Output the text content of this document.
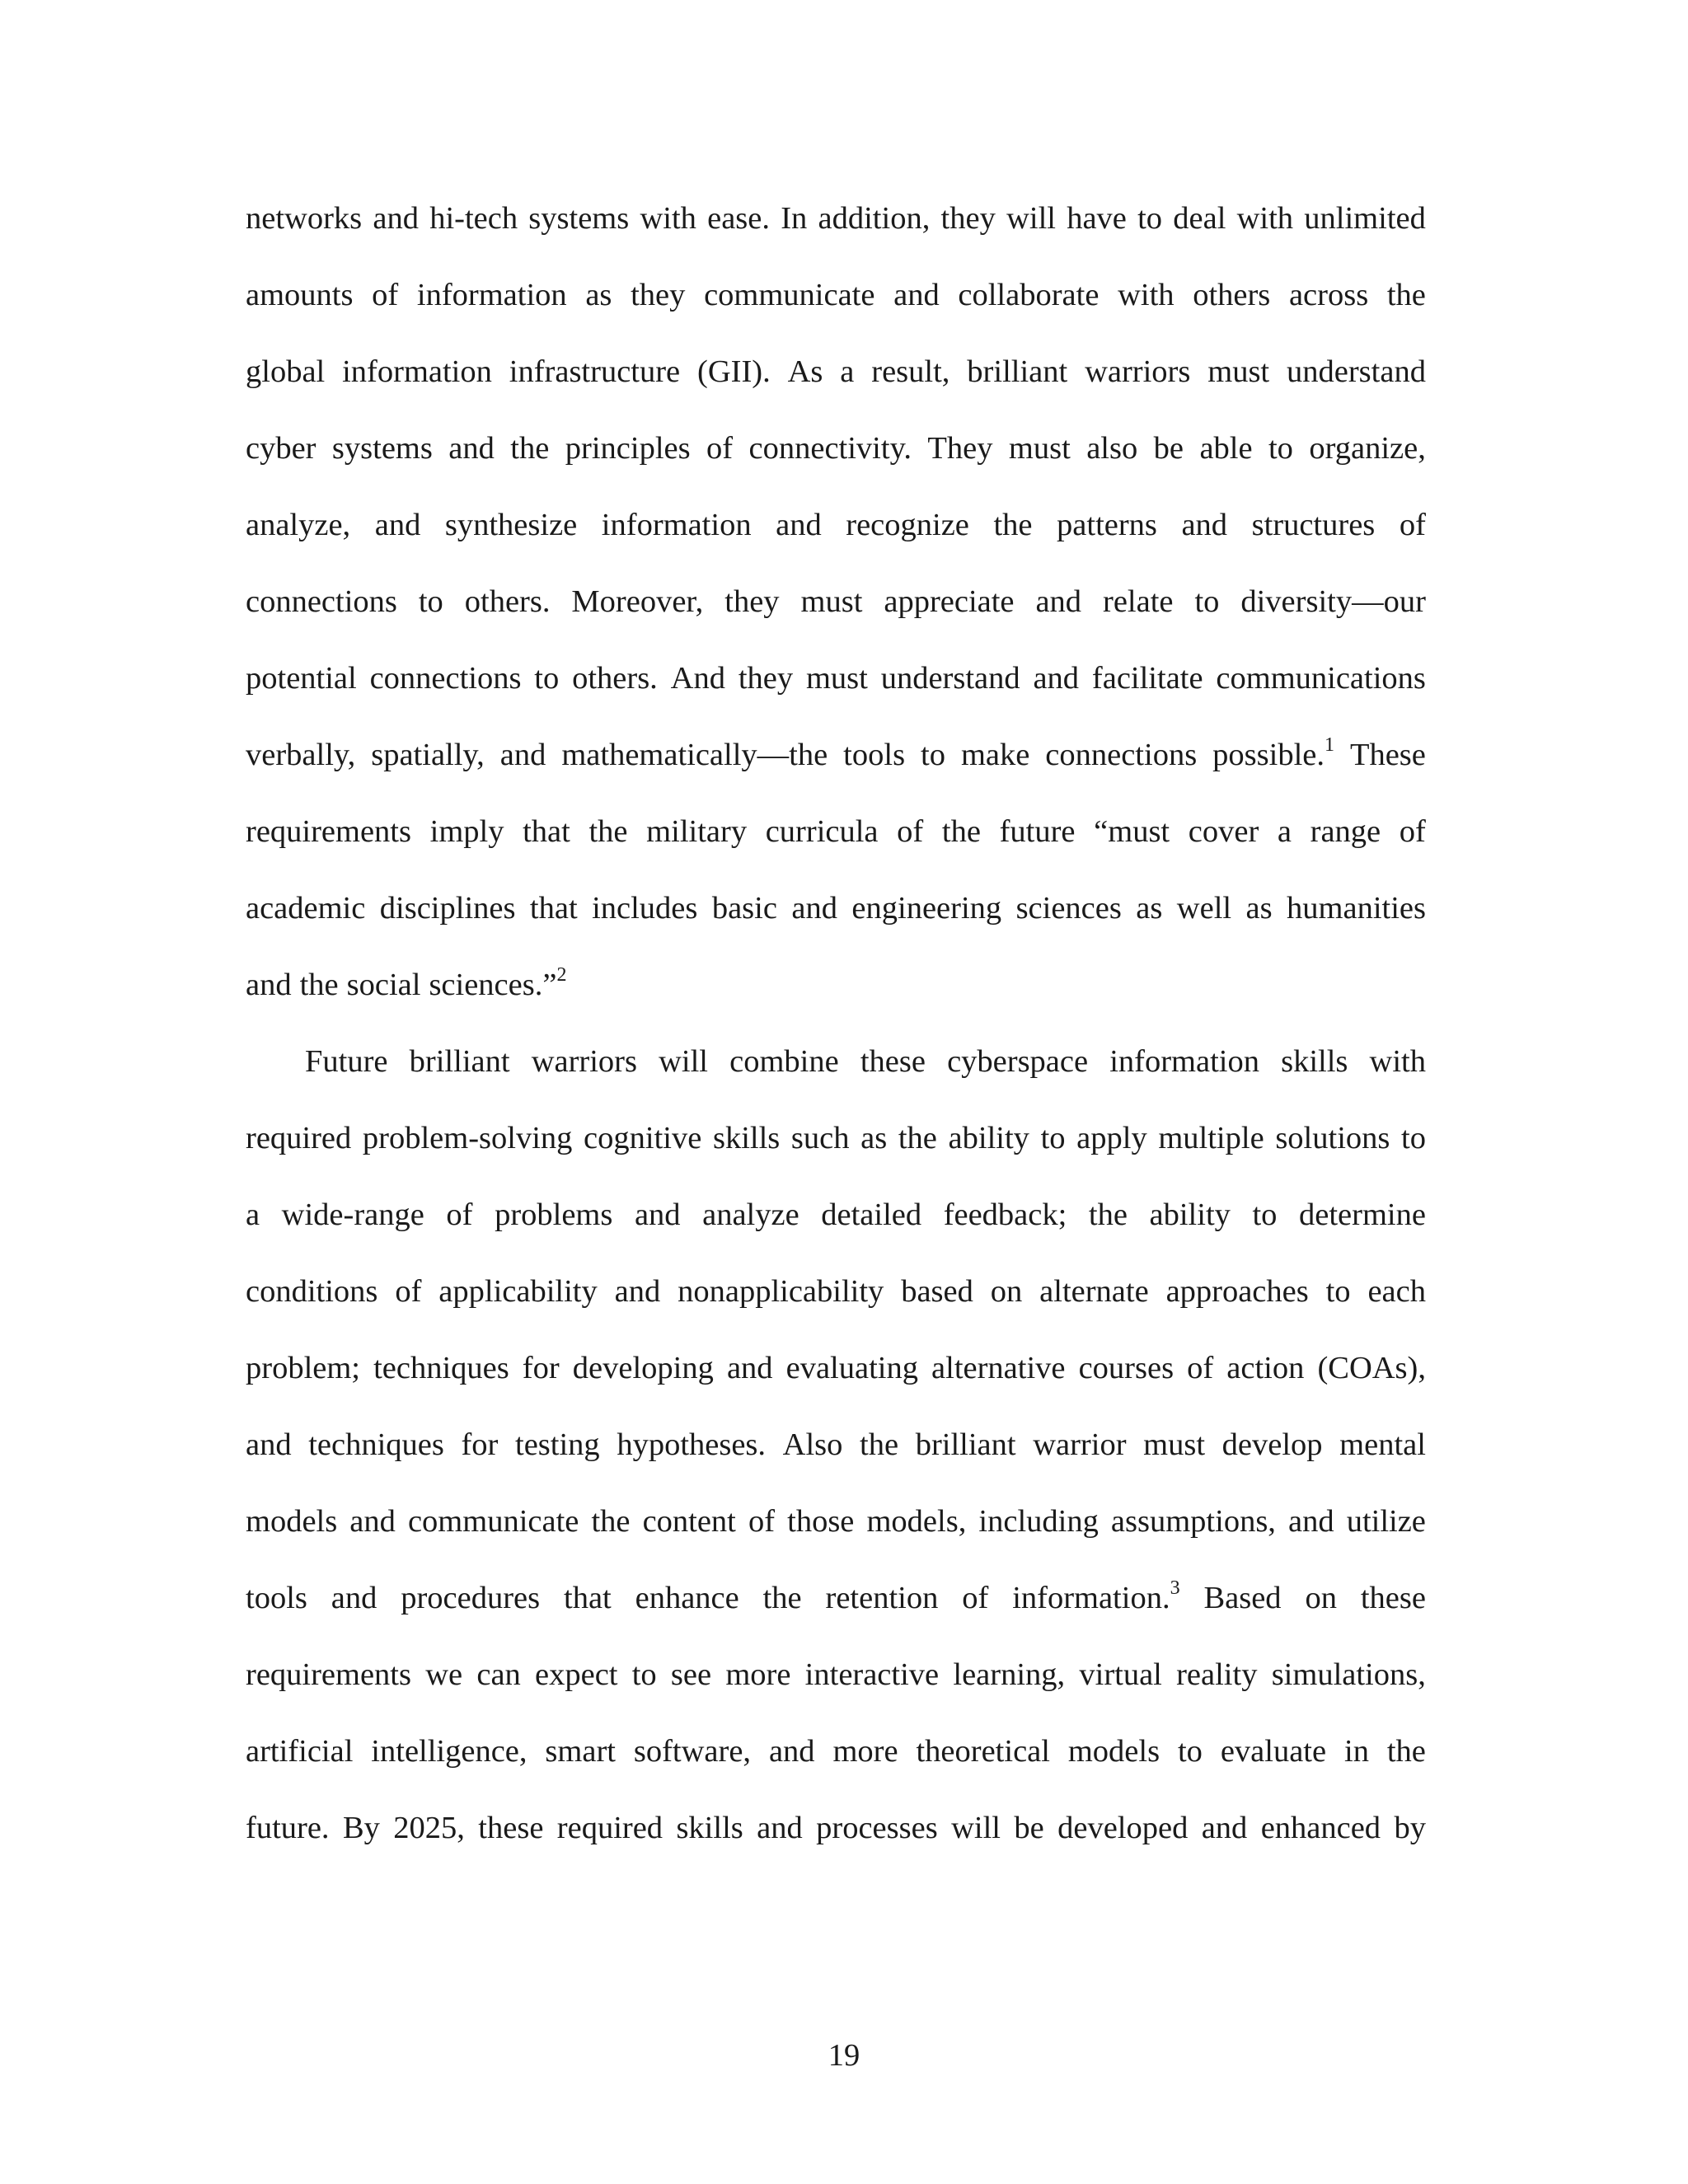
networks and hi-tech systems with ease. In addition, they will have to deal with unlimited
amounts of information as they communicate and collaborate with others across the
global information infrastructure (GII). As a result, brilliant warriors must understand
cyber systems and the principles of connectivity. They must also be able to organize,
analyze, and synthesize information and recognize the patterns and structures of
connections to others. Moreover, they must appreciate and relate to diversity—our
potential connections to others. And they must understand and facilitate communications
verbally, spatially, and mathematically—the tools to make connections possible.$^1$ These
requirements imply that the military curricula of the future “must cover a range of
academic disciplines that includes basic and engineering sciences as well as humanities
and the social sciences.”$^2$
Future brilliant warriors will combine these cyberspace information skills with
required problem-solving cognitive skills such as the ability to apply multiple solutions to
a wide-range of problems and analyze detailed feedback; the ability to determine
conditions of applicability and nonapplicability based on alternate approaches to each
problem; techniques for developing and evaluating alternative courses of action (COAs),
and techniques for testing hypotheses. Also the brilliant warrior must develop mental
models and communicate the content of those models, including assumptions, and utilize
tools and procedures that enhance the retention of information.$^3$ Based on these
requirements we can expect to see more interactive learning, virtual reality simulations,
artificial intelligence, smart software, and more theoretical models to evaluate in the
future. By 2025, these required skills and processes will be developed and enhanced by
19
